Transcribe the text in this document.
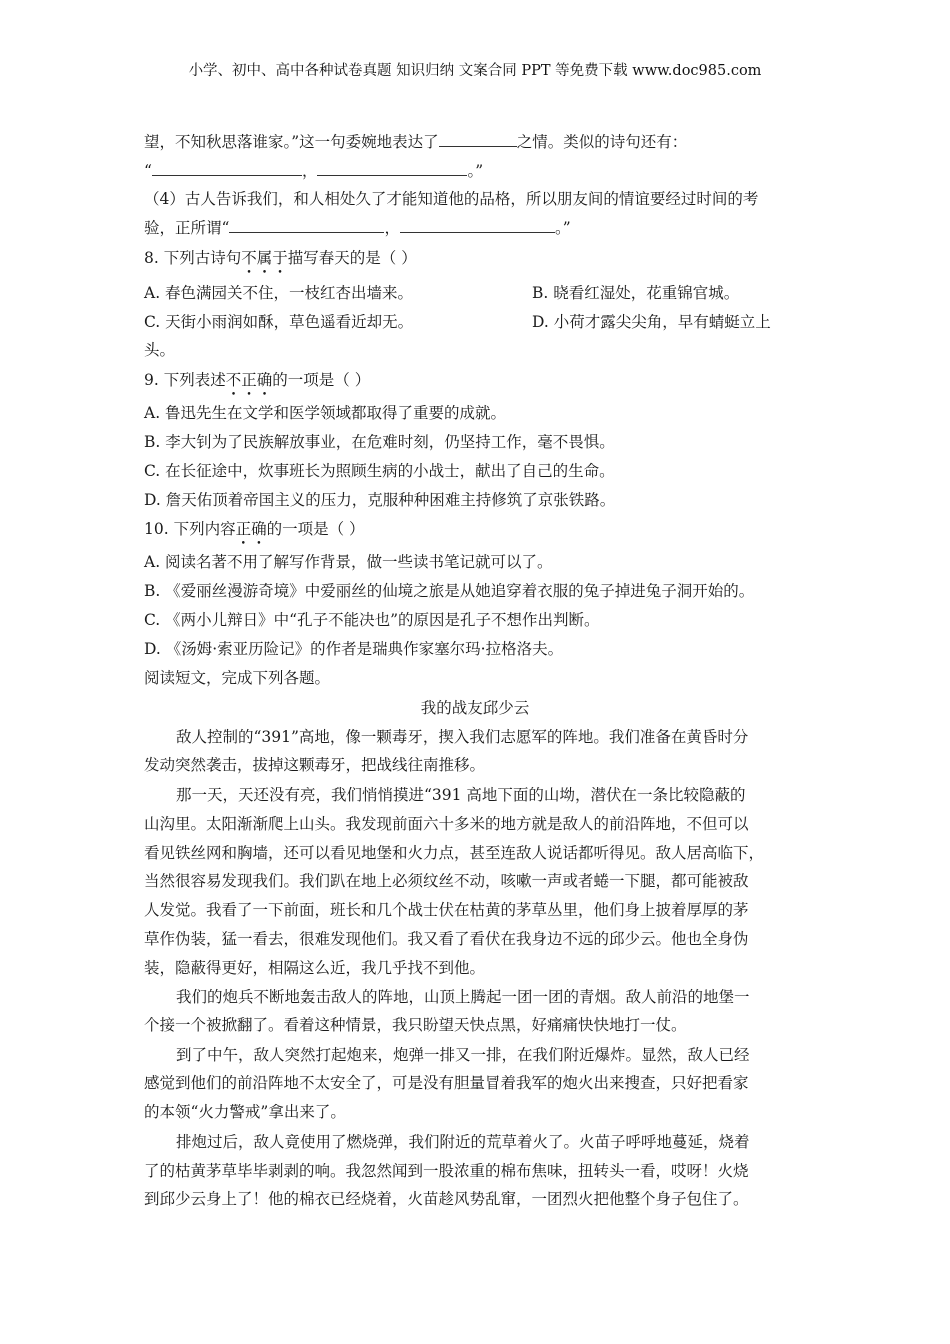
小学、初中、高中各种试卷真题 知识归纳 文案合同 PPT 等免费下载 www.doc985.com
望，不知秋思落谁家。”这一句委婉地表达了	之情。类似的诗句还有：
“	，	。”
（4）古人告诉我们，和人相处久了才能知道他的品格，所以朋友间的情谊要经过时间的考
验，正所谓“	，	。”
8. 下列古诗句不属于描写春天的是（ ）
A. 春色满园关不住，一枝红杏出墙来。	B. 晓看红湿处，花重锦官城。
C. 天街小雨润如酥，草色遥看近却无。	D. 小荷才露尖尖角，早有蜻蜓立上
头。
9. 下列表述不正确的一项是（ ）
A. 鲁迅先生在文学和医学领域都取得了重要的成就。
B. 李大钊为了民族解放事业，在危难时刻，仍坚持工作，毫不畏惧。
C. 在长征途中，炊事班长为照顾生病的小战士，献出了自己的生命。
D. 詹天佑顶着帝国主义的压力，克服种种困难主持修筑了京张铁路。
10. 下列内容正确的一项是（ ）
A. 阅读名著不用了解写作背景，做一些读书笔记就可以了。
B. 《爱丽丝漫游奇境》中爱丽丝的仙境之旅是从她追穿着衣服的兔子掉进兔子洞开始的。
C. 《两小儿辩日》中“孔子不能决也”的原因是孔子不想作出判断。
D. 《汤姆·索亚历险记》的作者是瑞典作家塞尔玛·拉格洛夫。
阅读短文，完成下列各题。
我的战友邱少云
敌人控制的“391”高地，像一颗毒牙，揳入我们志愿军的阵地。我们准备在黄昏时分
发动突然袭击，拔掉这颗毒牙，把战线往南推移。
那一天，天还没有亮，我们悄悄摸进“391 高地下面的山坳，潜伏在一条比较隐蔽的
山沟里。太阳渐渐爬上山头。我发现前面六十多米的地方就是敌人的前沿阵地，不但可以
看见铁丝网和胸墙，还可以看见地堡和火力点，甚至连敌人说话都听得见。敌人居高临下，
当然很容易发现我们。我们趴在地上必须纹丝不动，咳嗽一声或者蜷一下腿，都可能被敌
人发觉。我看了一下前面，班长和几个战士伏在枯黄的茅草丛里，他们身上披着厚厚的茅
草作伪装，猛一看去，很难发现他们。我又看了看伏在我身边不远的邱少云。他也全身伪
装，隐蔽得更好，相隔这么近，我几乎找不到他。
我们的炮兵不断地轰击敌人的阵地，山顶上腾起一团一团的青烟。敌人前沿的地堡一
个接一个被掀翻了。看着这种情景，我只盼望天快点黑，好痛痛快快地打一仗。
到了中午，敌人突然打起炮来，炮弹一排又一排，在我们附近爆炸。显然，敌人已经
感觉到他们的前沿阵地不太安全了，可是没有胆量冒着我军的炮火出来搜查，只好把看家
的本领“火力警戒”拿出来了。
排炮过后，敌人竟使用了燃烧弹，我们附近的荒草着火了。火苗子呼呼地蔓延，烧着
了的枯黄茅草毕毕剥剥的响。我忽然闻到一股浓重的棉布焦味，扭转头一看，哎呀！火烧
到邱少云身上了！他的棉衣已经烧着，火苗趁风势乱窜，一团烈火把他整个身子包住了。
